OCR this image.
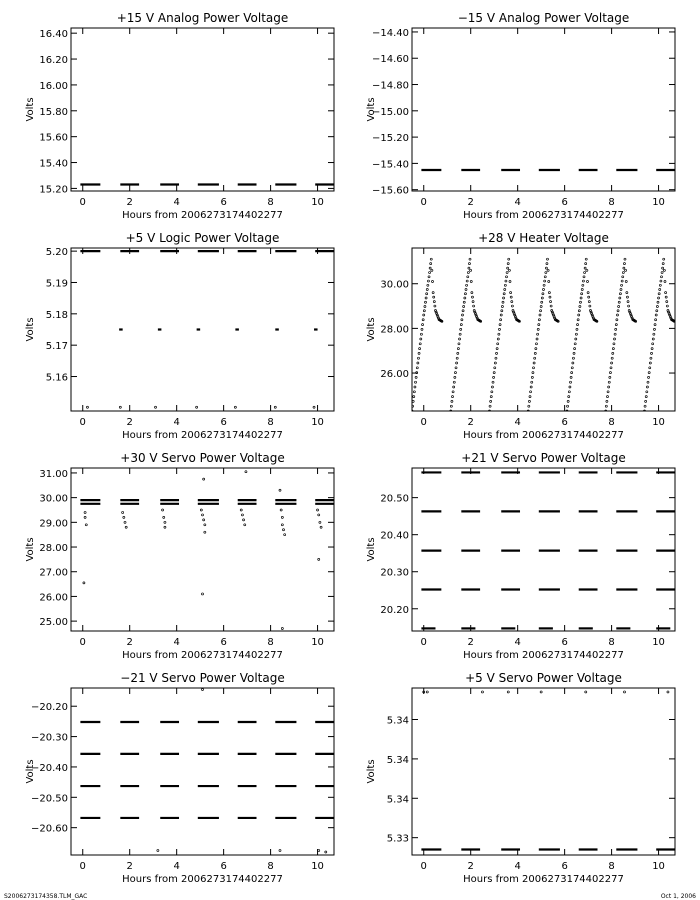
S2006273174358.TLM_GAC	Oct 1, 2006
+15 V Analog Power Voltage
0	2	4	6	8	10
15.20
15.40
15.60
15.80
16.00
16.20
16.40
Hours from 2006273174402277
Volts
−15 V Analog Power Voltage
0	2	4	6	8	10
−15.60
−15.40
−15.20
−15.00
−14.80
−14.60
−14.40
Hours from 2006273174402277
Volts
+5 V Logic Power Voltage
0	2	4	6	8	10
5.16
5.17
5.18
5.19
5.20
Hours from 2006273174402277
Volts
+28 V Heater Voltage
0	2	4	6	8	10
26.00
28.00
30.00
Hours from 2006273174402277
Volts
+30 V Servo Power Voltage
0	2	4	6	8	10
25.00
26.00
27.00
28.00
29.00
30.00
31.00
Hours from 2006273174402277
Volts
+21 V Servo Power Voltage
0	2	4	6	8	10
20.20
20.30
20.40
20.50
Hours from 2006273174402277
Volts
−21 V Servo Power Voltage
0	2	4	6	8	10
−20.60
−20.50
−20.40
−20.30
−20.20
Hours from 2006273174402277
Volts
+5 V Servo Power Voltage
0	2	4	6	8	10
5.34
5.34
5.34
5.33
Hours from 2006273174402277
Volts
